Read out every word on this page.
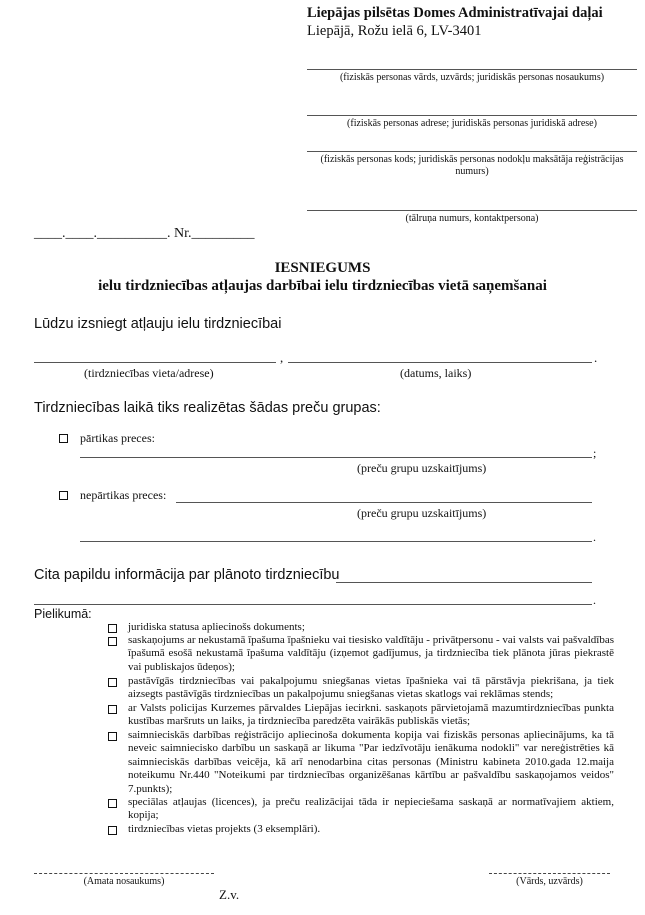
Liepājas pilsētas Domes Administratīvajai daļai
Liepājā, Rožu ielā 6, LV-3401
(fiziskās personas vārds, uzvārds; juridiskās personas nosaukums)
(fiziskās personas adrese; juridiskās personas juridiskā adrese)
(fiziskās personas kods; juridiskās personas nodokļu maksātāja reģistrācijas numurs)
(tālruņa numurs, kontaktpersona)
____.____.__________. Nr._________
IESNIEGUMS
ielu tirdzniecības atļaujas darbībai ielu tirdzniecības vietā saņemšanai
Lūdzu izsniegt atļauju ielu tirdzniecībai
,	.
(tirdzniecības vieta/adrese)	(datums, laiks)
Tirdzniecības laikā tiks realizētas šādas preču grupas:
pārtikas preces:
;
(preču grupu uzskaitījums)
nepārtikas preces:
(preču grupu uzskaitījums)
.
Cita papildu informācija par plānoto tirdzniecību
.
Pielikumā:
juridiska statusa apliecinošs dokuments;
saskaņojums ar nekustamā īpašuma īpašnieku vai tiesisko valdītāju - privātpersonu - vai valsts vai pašvaldības īpašumā esošā nekustamā īpašuma valdītāju (izņemot gadījumus, ja tirdzniecība tiek plānota jūras piekrastē vai publiskajos ūdeņos);
pastāvīgās tirdzniecības vai pakalpojumu sniegšanas vietas īpašnieka vai tā pārstāvja piekrišana, ja tiek aizsegts pastāvīgās tirdzniecības un pakalpojumu sniegšanas vietas skatlogs vai reklāmas stends;
ar Valsts policijas Kurzemes pārvaldes Liepājas iecirkni. saskaņots pārvietojamā mazumtirdzniecības punkta kustības maršruts un laiks, ja tirdzniecība paredzēta vairākās publiskās vietās;
saimnieciskās darbības reģistrācijo apliecinoša dokumenta kopija vai fiziskās personas apliecinājums, ka tā neveic saimniecisko darbību un saskaņā ar likuma "Par iedzīvotāju ienākuma nodokli" var nereģistrēties kā saimnieciskās darbības veicēja, kā arī nenodarbina citas personas (Ministru kabineta 2010.gada 12.maija noteikumu Nr.440 "Noteikumi par tirdzniecības organizēšanas kārtību ar pašvaldību saskaņojamos veidos" 7.punkts);
speciālas atļaujas (licences), ja preču realizācijai tāda ir nepieciešama saskaņā ar normatīvajiem aktiem, kopija;
tirdzniecības vietas projekts (3 eksemplāri).
(Amata nosaukums)	(Vārds, uzvārds)
Z.v.
